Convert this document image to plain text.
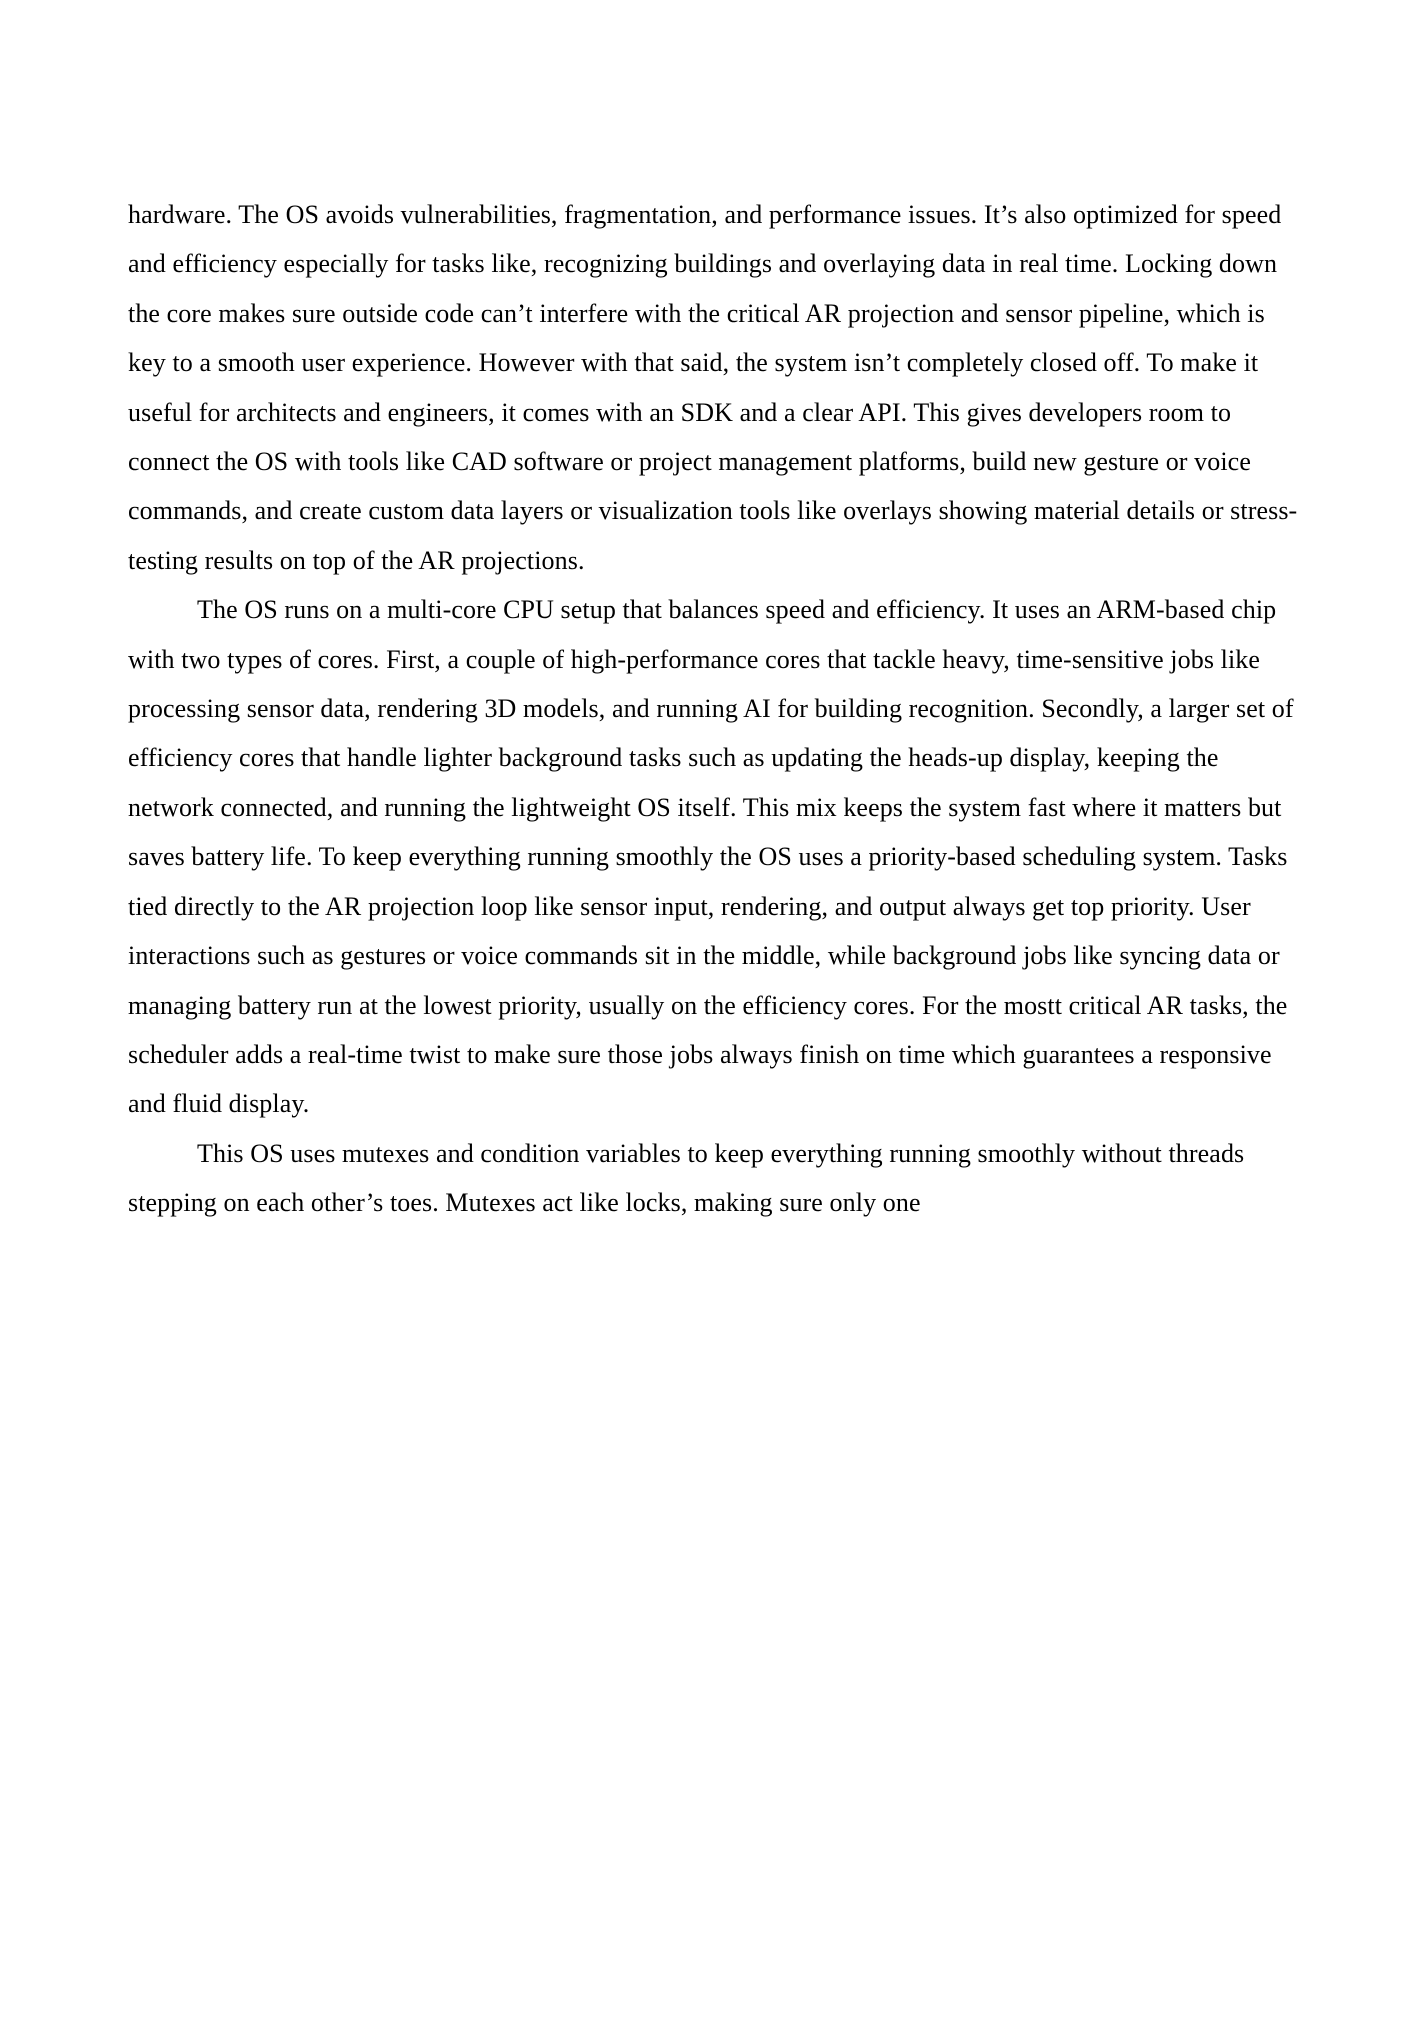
hardware. The OS avoids vulnerabilities, fragmentation, and performance issues. It’s also optimized for speed and efficiency especially for tasks like, recognizing buildings and overlaying data in real time. Locking down the core makes sure outside code can’t interfere with the critical AR projection and sensor pipeline, which is key to a smooth user experience. However with that said, the system isn’t completely closed off. To make it useful for architects and engineers, it comes with an SDK and a clear API. This gives developers room to connect the OS with tools like CAD software or project management platforms, build new gesture or voice commands, and create custom data layers or visualization tools like overlays showing material details or stress-testing results on top of the AR projections.

The OS runs on a multi-core CPU setup that balances speed and efficiency. It uses an ARM-based chip with two types of cores. First, a couple of high-performance cores that tackle heavy, time-sensitive jobs like processing sensor data, rendering 3D models, and running AI for building recognition. Secondly, a larger set of efficiency cores that handle lighter background tasks such as updating the heads-up display, keeping the network connected, and running the lightweight OS itself. This mix keeps the system fast where it matters but saves battery life. To keep everything running smoothly the OS uses a priority-based scheduling system. Tasks tied directly to the AR projection loop like sensor input, rendering, and output always get top priority. User interactions such as gestures or voice commands sit in the middle, while background jobs like syncing data or managing battery run at the lowest priority, usually on the efficiency cores. For the mostt critical AR tasks, the scheduler adds a real-time twist to make sure those jobs always finish on time which guarantees a responsive and fluid display.

This OS uses mutexes and condition variables to keep everything running smoothly without threads stepping on each other’s toes. Mutexes act like locks, making sure only one
